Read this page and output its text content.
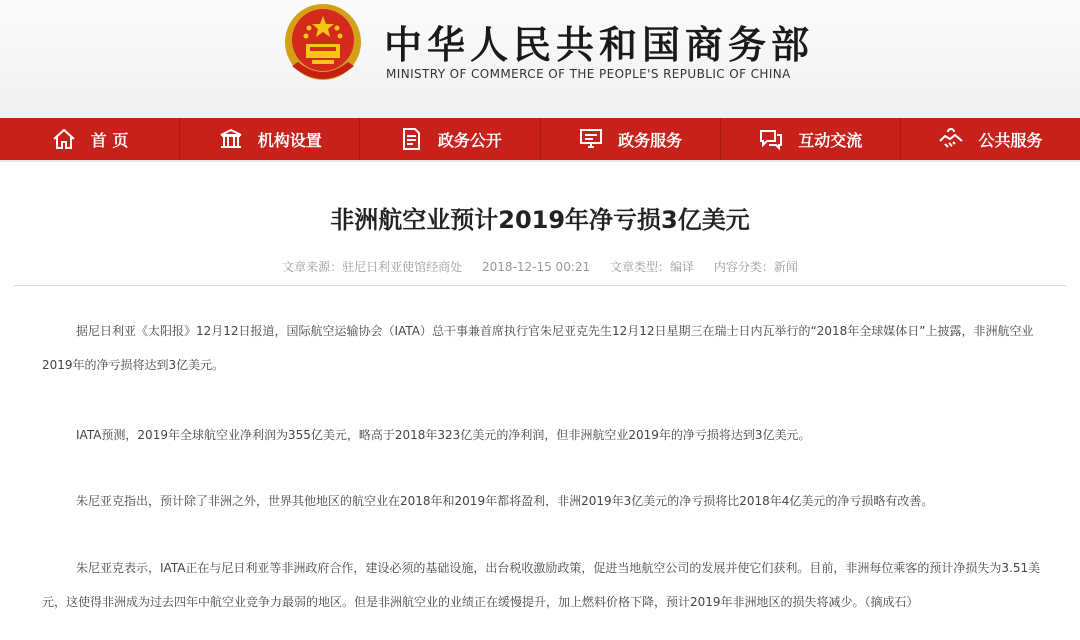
中华人民共和国商务部
MINISTRY OF COMMERCE OF THE PEOPLE'S REPUBLIC OF CHINA
首 页	机构设置	政务公开	政务服务	互动交流	公共服务
非洲航空业预计2019年净亏损3亿美元
文章来源：驻尼日利亚使馆经商处 2018-12-15 00:21 文章类型：编译 内容分类：新闻

据尼日利亚《太阳报》12月12日报道，国际航空运输协会（IATA）总干事兼首席执行官朱尼亚克先生12月12日星期三在瑞士日内瓦举行的“2018年全球媒体日”上披露，非洲航空业2019年的净亏损将达到3亿美元。

IATA预测，2019年全球航空业净利润为355亿美元，略高于2018年323亿美元的净利润，但非洲航空业2019年的净亏损将达到3亿美元。

朱尼亚克指出，预计除了非洲之外，世界其他地区的航空业在2018年和2019年都将盈利，非洲2019年3亿美元的净亏损将比2018年4亿美元的净亏损略有改善。

朱尼亚克表示，IATA正在与尼日利亚等非洲政府合作，建设必须的基础设施，出台税收激励政策，促进当地航空公司的发展并使它们获利。目前，非洲每位乘客的预计净损失为3.51美元，这使得非洲成为过去四年中航空业竞争力最弱的地区。但是非洲航空业的业绩正在缓慢提升，加上燃料价格下降，预计2019年非洲地区的损失将减少。（摘成石）
